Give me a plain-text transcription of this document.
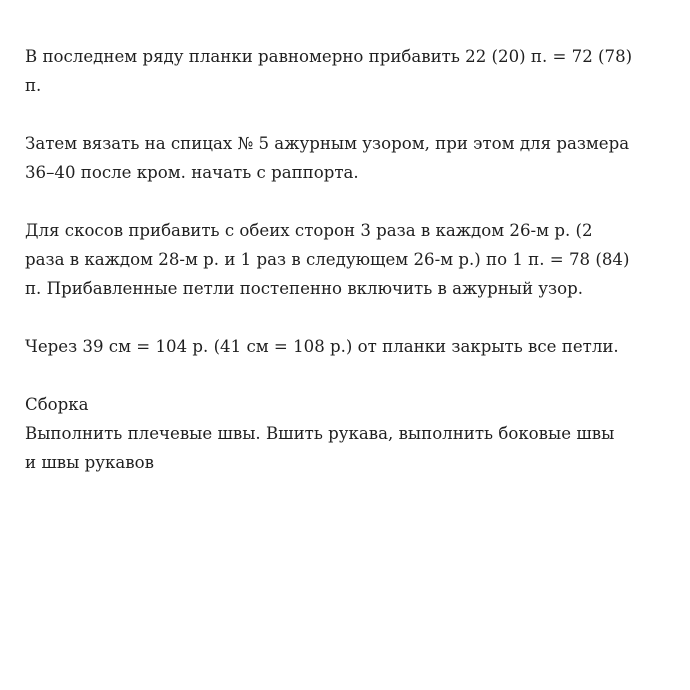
В последнем ряду планки равномерно прибавить 22 (20) п. = 72 (78)
п.

Затем вязать на спицах № 5 ажурным узором, при этом для размера
36–40 после кром. начать с раппорта.

Для скосов прибавить с обеих сторон 3 раза в каждом 26-м р. (2
раза в каждом 28-м р. и 1 раз в следующем 26-м р.) по 1 п. = 78 (84)
п. Прибавленные петли постепенно включить в ажурный узор.

Через 39 см = 104 р. (41 см = 108 р.) от планки закрыть все петли.

Сборка
Выполнить плечевые швы. Вшить рукава, выполнить боковые швы
и швы рукавов
